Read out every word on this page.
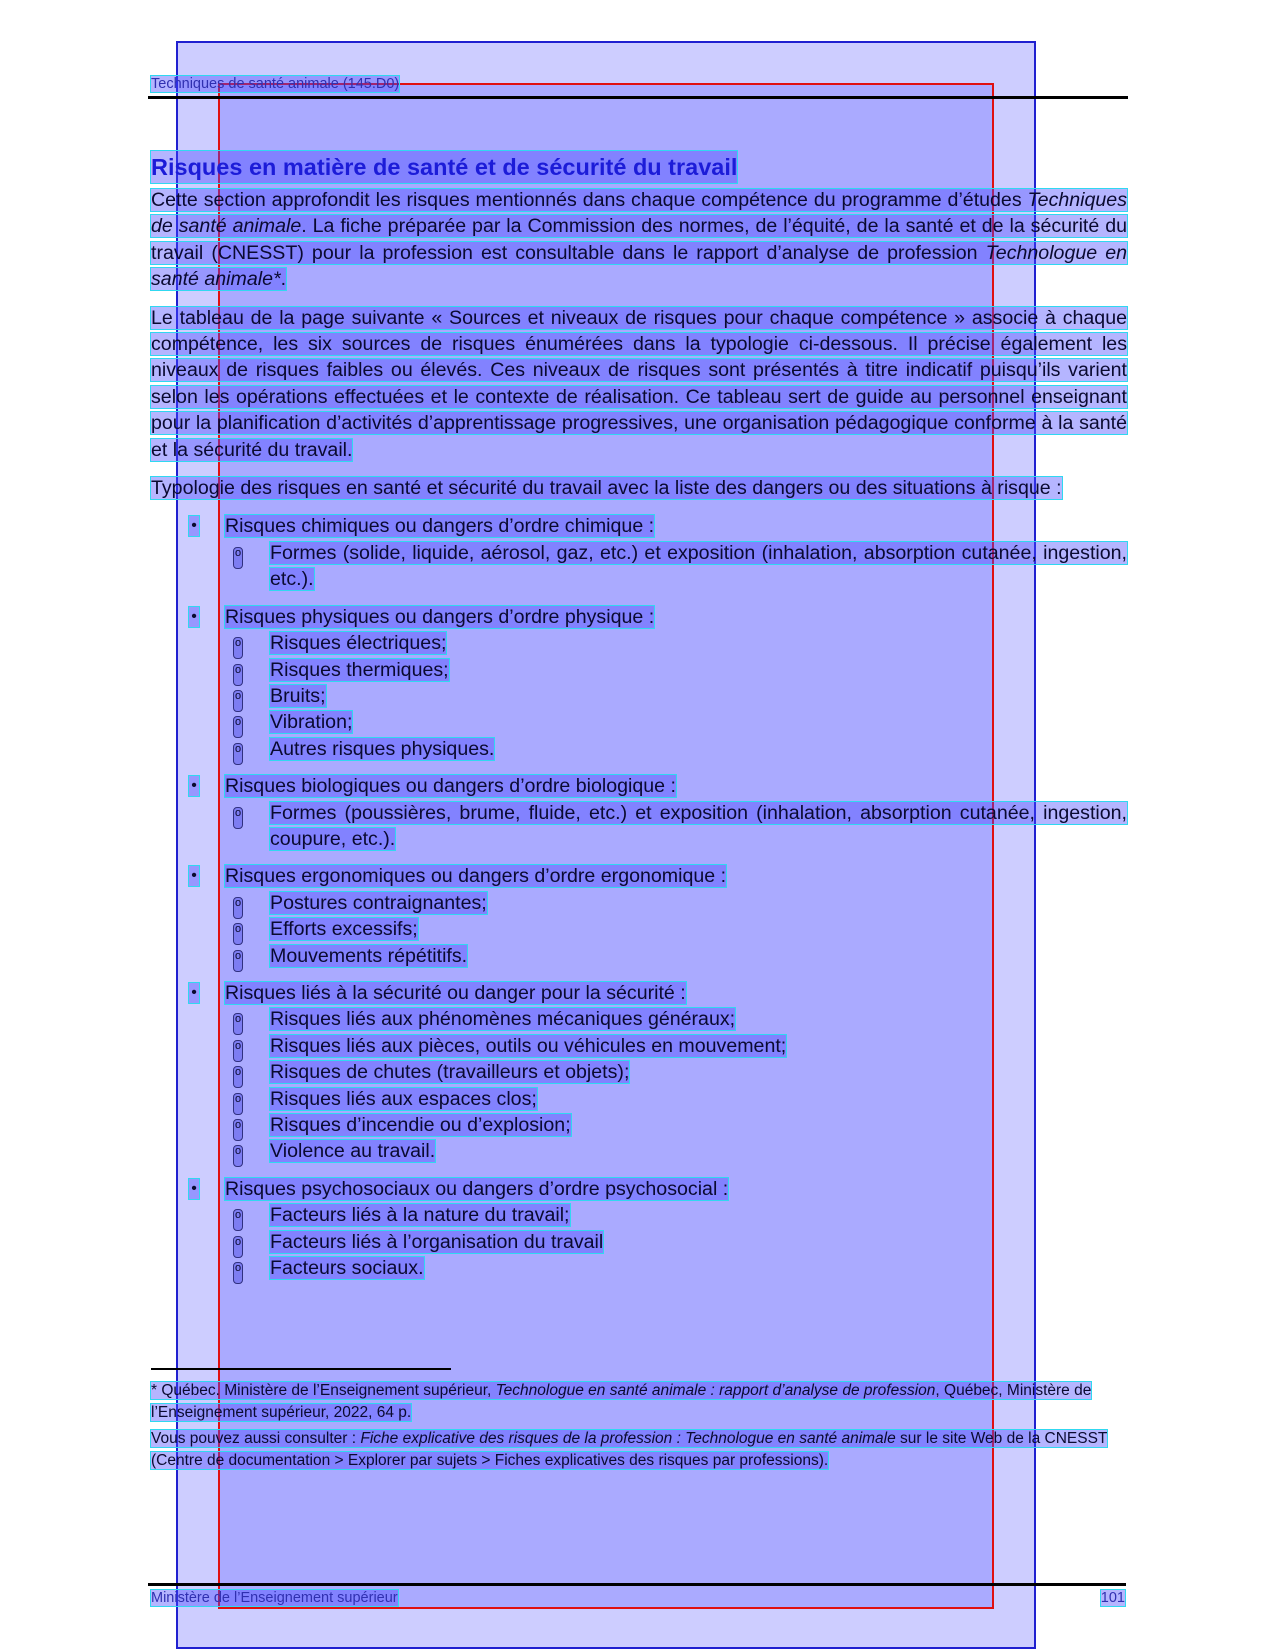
Techniques de santé animale (145.D0)
Risques en matière de santé et de sécurité du travail

Cette section approfondit les risques mentionnés dans chaque compétence du programme d’études Techniques de santé animale. La fiche préparée par la Commission des normes, de l’équité, de la santé et de la sécurité du travail (CNESST) pour la profession est consultable dans le rapport d’analyse de profession Technologue en santé animale*.

Le tableau de la page suivante « Sources et niveaux de risques pour chaque compétence » associe à chaque compétence, les six sources de risques énumérées dans la typologie ci-dessous. Il précise également les niveaux de risques faibles ou élevés. Ces niveaux de risques sont présentés à titre indicatif puisqu’ils varient selon les opérations effectuées et le contexte de réalisation. Ce tableau sert de guide au personnel enseignant pour la planification d’activités d’apprentissage progressives, une organisation pédagogique conforme à la santé et la sécurité du travail.

Typologie des risques en santé et sécurité du travail avec la liste des dangers ou des situations à risque :

• Risques chimiques ou dangers d’ordre chimique :
o Formes (solide, liquide, aérosol, gaz, etc.) et exposition (inhalation, absorption cutanée, ingestion, etc.).
• Risques physiques ou dangers d’ordre physique :
o Risques électriques;
o Risques thermiques;
o Bruits;
o Vibration;
o Autres risques physiques.
• Risques biologiques ou dangers d’ordre biologique :
o Formes (poussières, brume, fluide, etc.) et exposition (inhalation, absorption cutanée, ingestion, coupure, etc.).
• Risques ergonomiques ou dangers d’ordre ergonomique :
o Postures contraignantes;
o Efforts excessifs;
o Mouvements répétitifs.
• Risques liés à la sécurité ou danger pour la sécurité :
o Risques liés aux phénomènes mécaniques généraux;
o Risques liés aux pièces, outils ou véhicules en mouvement;
o Risques de chutes (travailleurs et objets);
o Risques liés aux espaces clos;
o Risques d’incendie ou d’explosion;
o Violence au travail.
• Risques psychosociaux ou dangers d’ordre psychosocial :
o Facteurs liés à la nature du travail;
o Facteurs liés à l’organisation du travail
o Facteurs sociaux.

* Québec. Ministère de l’Enseignement supérieur, Technologue en santé animale : rapport d’analyse de profession, Québec, Ministère de l’Enseignement supérieur, 2022, 64 p.

Vous pouvez aussi consulter : Fiche explicative des risques de la profession : Technologue en santé animale sur le site Web de la CNESST (Centre de documentation > Explorer par sujets > Fiches explicatives des risques par professions).

Ministère de l’Enseignement supérieur	101
